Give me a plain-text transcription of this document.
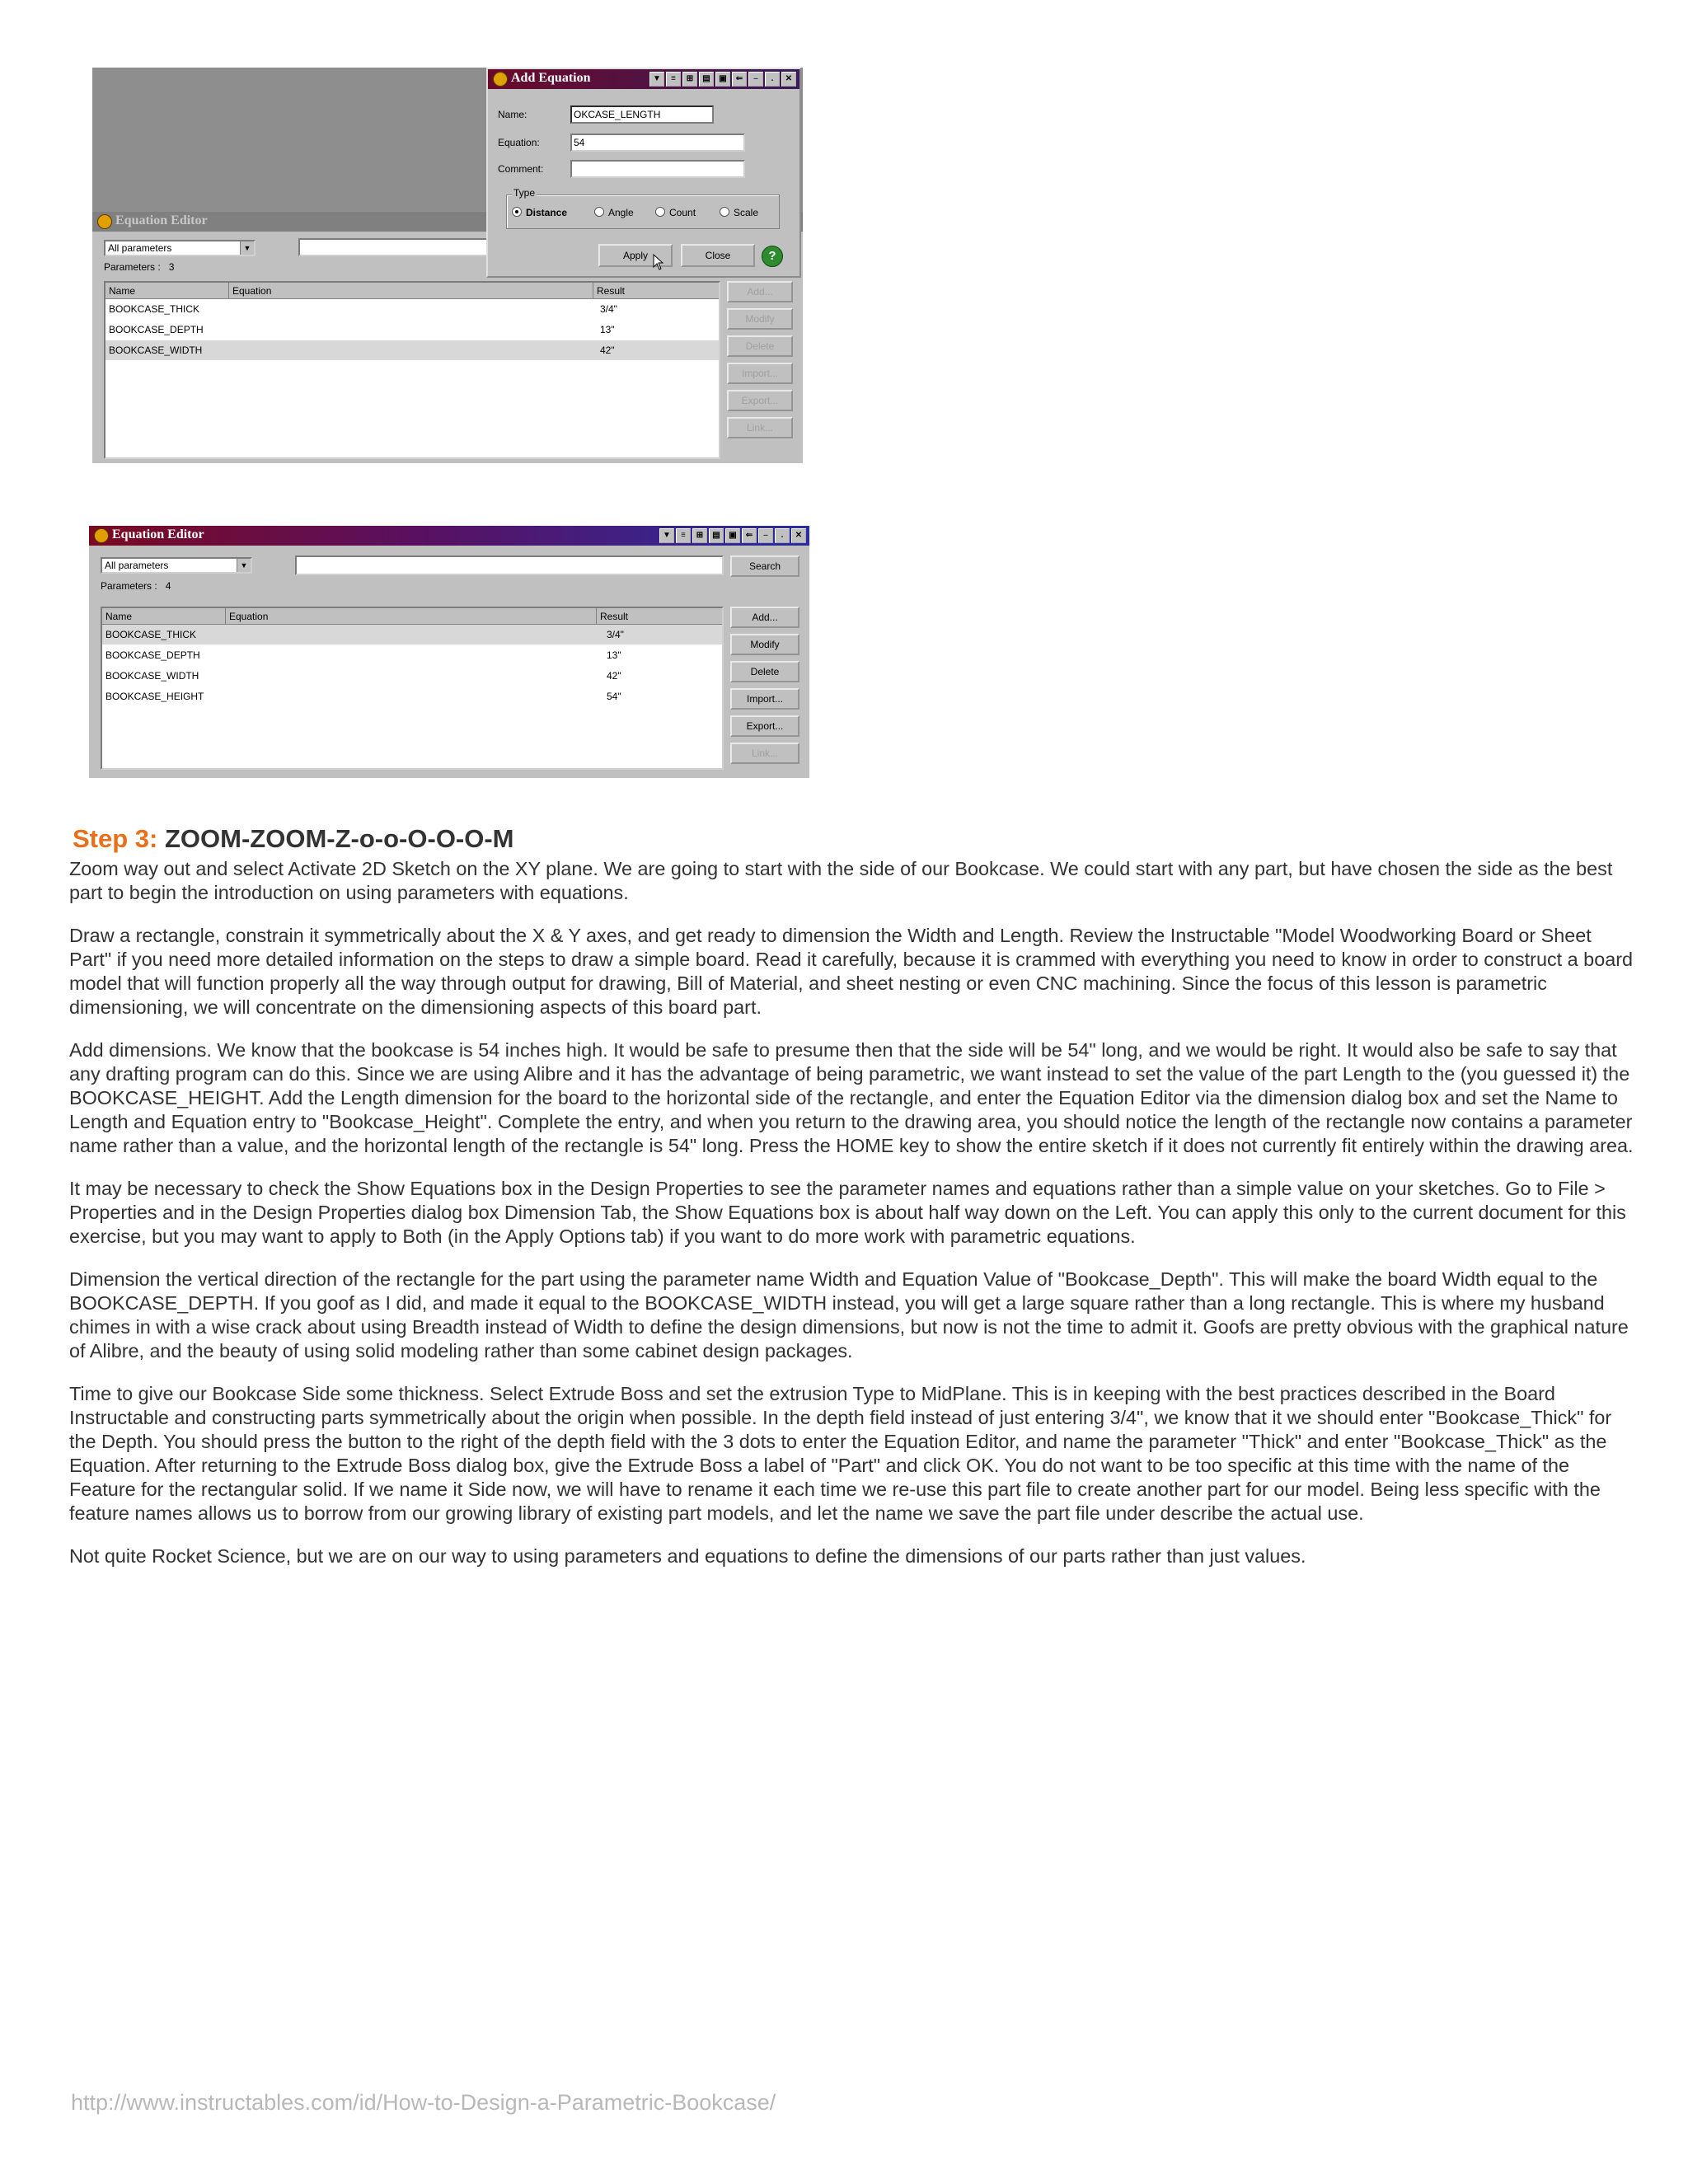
Equation Editor
All parameters	▼
Parameters : 3
Name	Equation	Result
BOOKCASE_THICK	3/4"
BOOKCASE_DEPTH	13"
BOOKCASE_WIDTH	42"
Add...
Modify
Delete
Import...
Export...
Link...
Add Equation	▼	≡	⊞	▤	▣	⇐	–	.	✕
Name:	OKCASE_LENGTH
Equation:	54
Comment:
Type
Distance	Angle	Count	Scale
Apply	Close	?
Equation Editor	▼	≡	⊞	▤	▣	⇐	–	.	✕
All parameters	▼	Search
Parameters : 4
Name	Equation	Result
BOOKCASE_THICK	3/4"
BOOKCASE_DEPTH	13"
BOOKCASE_WIDTH	42"
BOOKCASE_HEIGHT	54"
Add...
Modify
Delete
Import...
Export...
Link...
Step 3: ZOOM-ZOOM-Z-o-o-O-O-O-M

Zoom way out and select Activate 2D Sketch on the XY plane. We are going to start with the side of our Bookcase. We could start with any part, but have chosen the side as the best part to begin the introduction on using parameters with equations.

Draw a rectangle, constrain it symmetrically about the X & Y axes, and get ready to dimension the Width and Length. Review the Instructable "Model Woodworking Board or Sheet Part" if you need more detailed information on the steps to draw a simple board. Read it carefully, because it is crammed with everything you need to know in order to construct a board model that will function properly all the way through output for drawing, Bill of Material, and sheet nesting or even CNC machining. Since the focus of this lesson is parametric dimensioning, we will concentrate on the dimensioning aspects of this board part.

Add dimensions. We know that the bookcase is 54 inches high. It would be safe to presume then that the side will be 54" long, and we would be right. It would also be safe to say that any drafting program can do this. Since we are using Alibre and it has the advantage of being parametric, we want instead to set the value of the part Length to the (you guessed it) the BOOKCASE_HEIGHT. Add the Length dimension for the board to the horizontal side of the rectangle, and enter the Equation Editor via the dimension dialog box and set the Name to Length and Equation entry to "Bookcase_Height". Complete the entry, and when you return to the drawing area, you should notice the length of the rectangle now contains a parameter name rather than a value, and the horizontal length of the rectangle is 54" long. Press the HOME key to show the entire sketch if it does not currently fit entirely within the drawing area.

It may be necessary to check the Show Equations box in the Design Properties to see the parameter names and equations rather than a simple value on your sketches. Go to File > Properties and in the Design Properties dialog box Dimension Tab, the Show Equations box is about half way down on the Left. You can apply this only to the current document for this exercise, but you may want to apply to Both (in the Apply Options tab) if you want to do more work with parametric equations.

Dimension the vertical direction of the rectangle for the part using the parameter name Width and Equation Value of "Bookcase_Depth". This will make the board Width equal to the BOOKCASE_DEPTH. If you goof as I did, and made it equal to the BOOKCASE_WIDTH instead, you will get a large square rather than a long rectangle. This is where my husband chimes in with a wise crack about using Breadth instead of Width to define the design dimensions, but now is not the time to admit it. Goofs are pretty obvious with the graphical nature of Alibre, and the beauty of using solid modeling rather than some cabinet design packages.

Time to give our Bookcase Side some thickness. Select Extrude Boss and set the extrusion Type to MidPlane. This is in keeping with the best practices described in the Board Instructable and constructing parts symmetrically about the origin when possible. In the depth field instead of just entering 3/4", we know that it we should enter "Bookcase_Thick" for the Depth. You should press the button to the right of the depth field with the 3 dots to enter the Equation Editor, and name the parameter "Thick" and enter "Bookcase_Thick" as the Equation. After returning to the Extrude Boss dialog box, give the Extrude Boss a label of "Part" and click OK. You do not want to be too specific at this time with the name of the Feature for the rectangular solid. If we name it Side now, we will have to rename it each time we re-use this part file to create another part for our model. Being less specific with the feature names allows us to borrow from our growing library of existing part models, and let the name we save the part file under describe the actual use.

Not quite Rocket Science, but we are on our way to using parameters and equations to define the dimensions of our parts rather than just values.

http://www.instructables.com/id/How-to-Design-a-Parametric-Bookcase/
